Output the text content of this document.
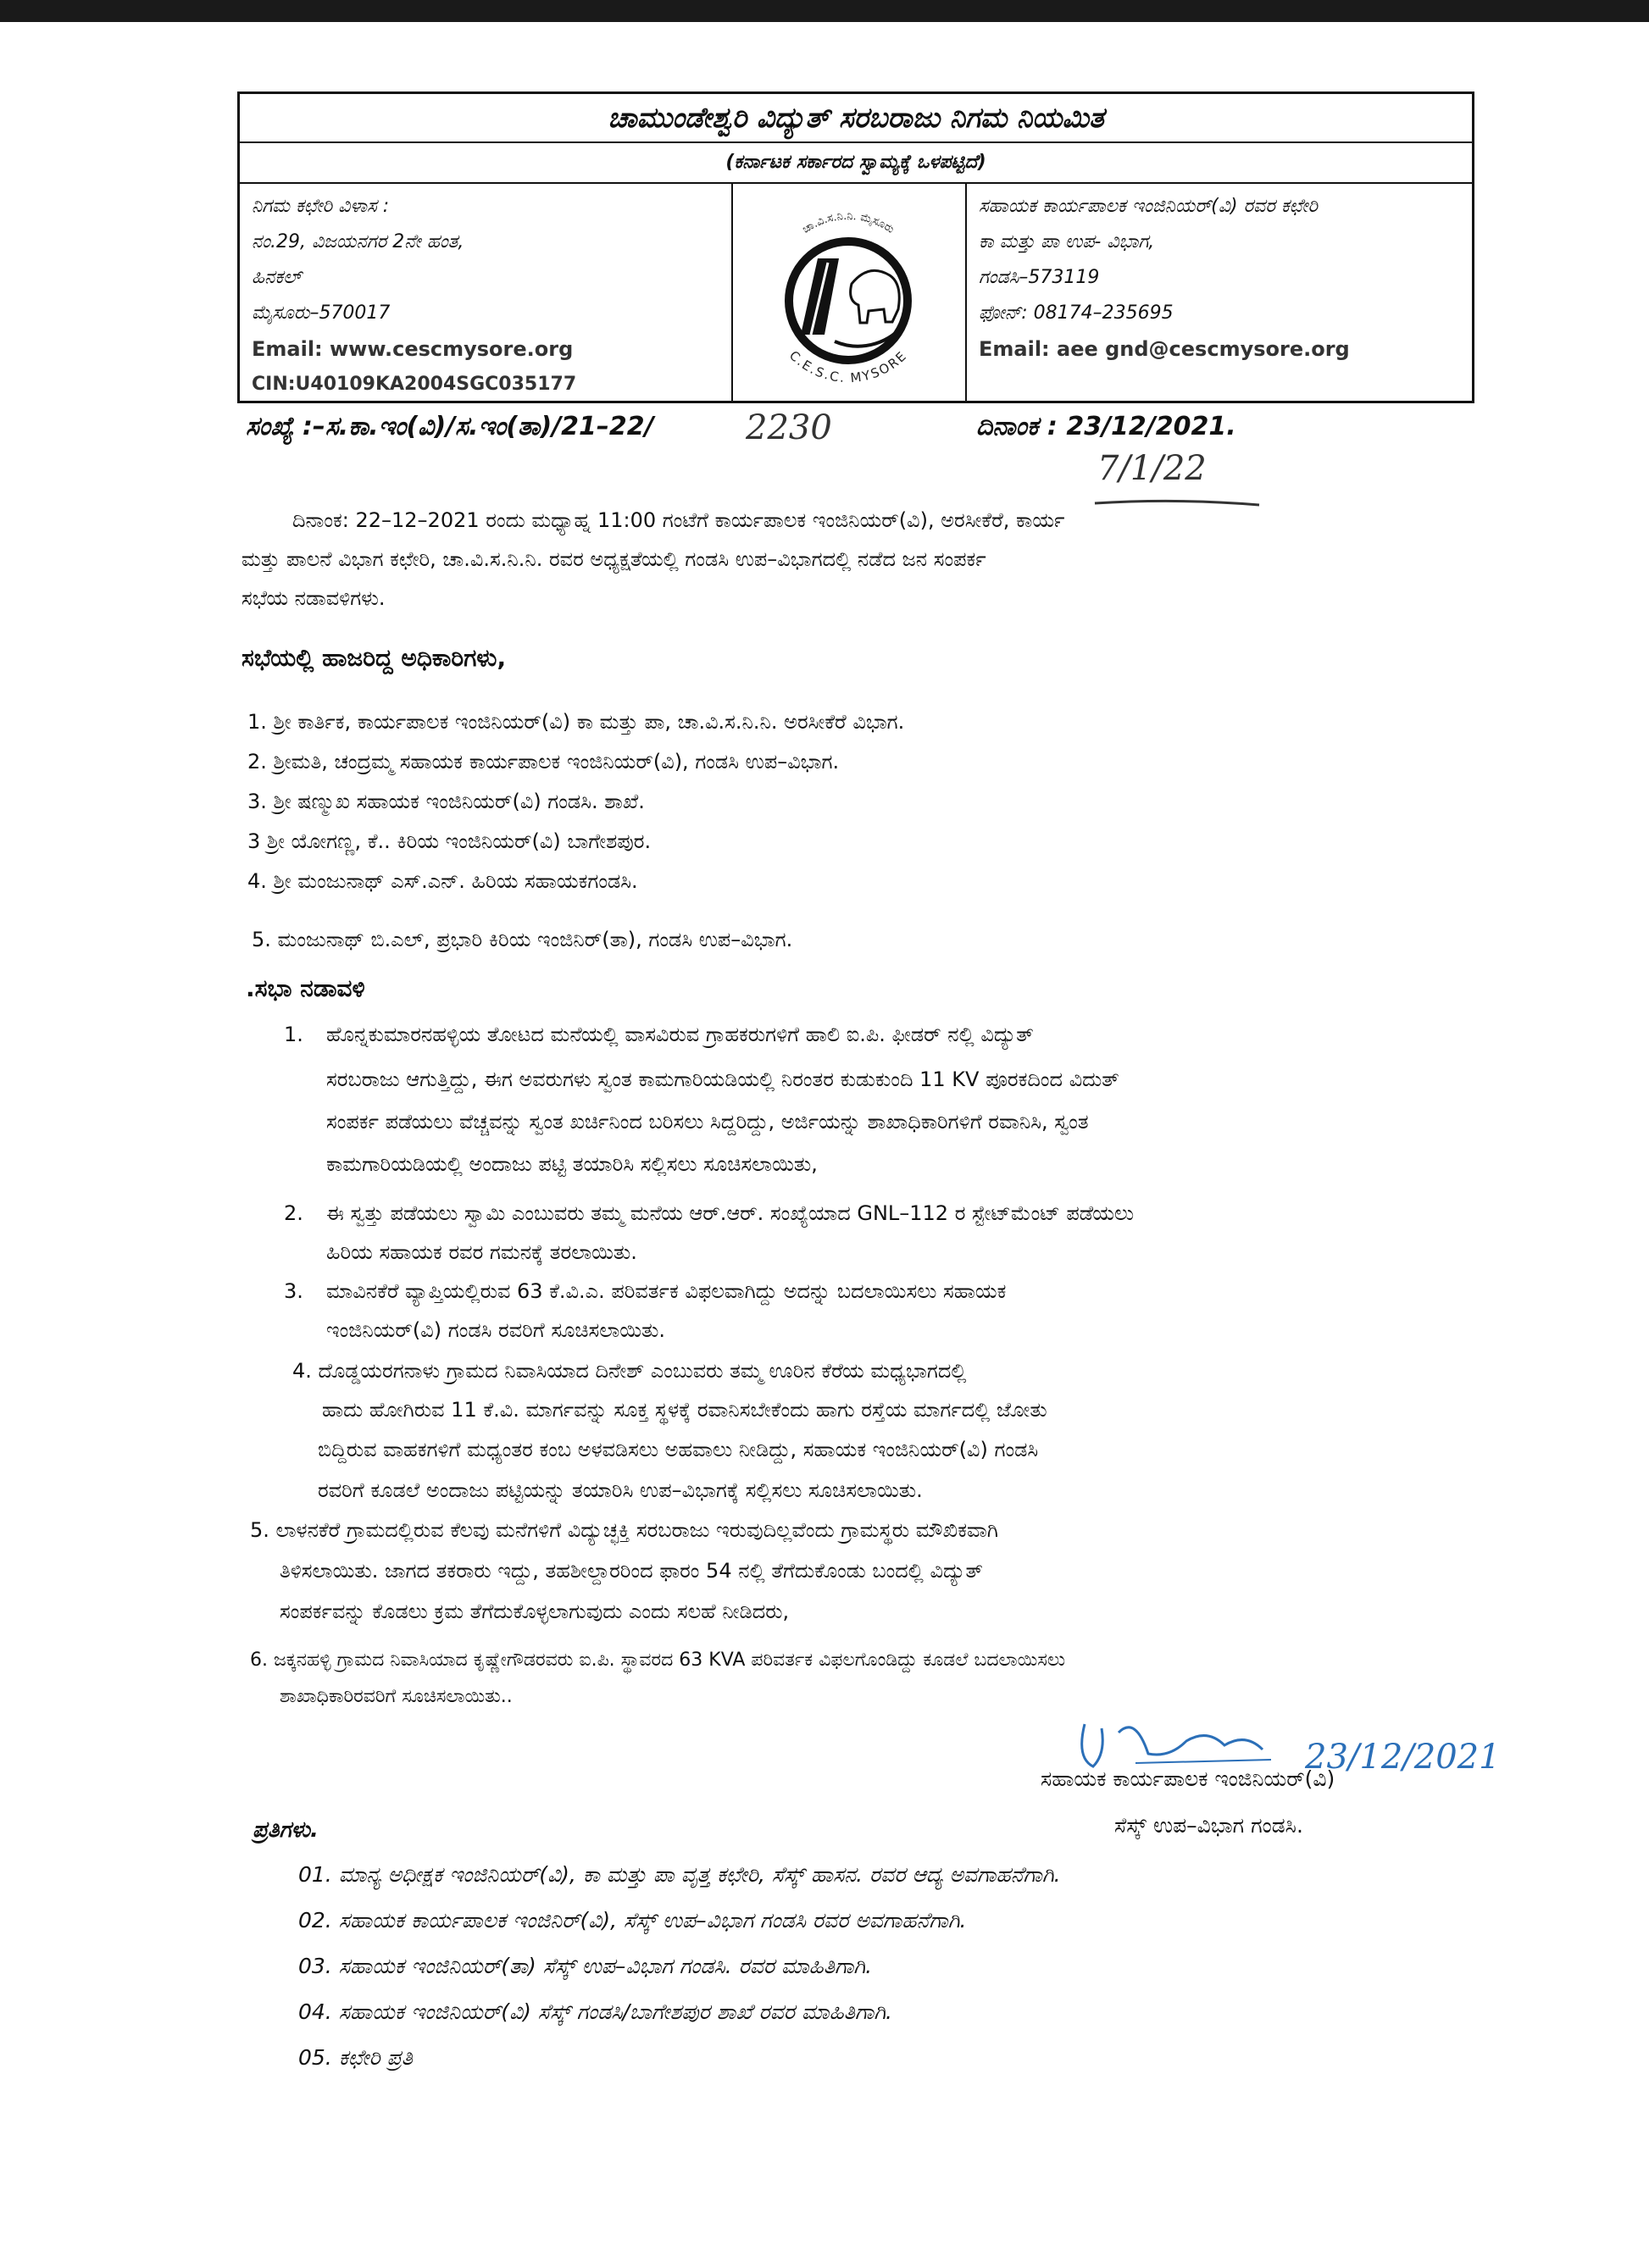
ಚಾಮುಂಡೇಶ್ವರಿ ವಿದ್ಯುತ್ ಸರಬರಾಜು ನಿಗಮ ನಿಯಮಿತ
(ಕರ್ನಾಟಕ ಸರ್ಕಾರದ ಸ್ವಾಮ್ಯಕ್ಕೆ ಒಳಪಟ್ಟಿದೆ)
ನಿಗಮ ಕಛೇರಿ ವಿಳಾಸ :
ನಂ.29, ವಿಜಯನಗರ 2ನೇ ಹಂತ,
ಹಿನಕಲ್
ಮೈಸೂರು–570017
Email: www.cescmysore.org
CIN:U40109KA2004SGC035177
ಚಾ.ವಿ.ಸ.ನಿ.ನಿ. ಮೈಸೂರು
C.E.S.C. MYSORE
ಸಹಾಯಕ ಕಾರ್ಯಪಾಲಕ ಇಂಜಿನಿಯರ್(ವಿ) ರವರ ಕಛೇರಿ
ಕಾ ಮತ್ತು ಪಾ ಉಪ- ವಿಭಾಗ,
ಗಂಡಸಿ–573119
ಫೋನ್: 08174–235695
Email: aee gnd@cescmysore.org
ಸಂಖ್ಯೆ :–ಸ.ಕಾ.ಇಂ(ವಿ)/ಸ.ಇಂ(ತಾ)/21–22/	2230	ದಿನಾಂಕ : 23/12/2021.
7/1/22
ದಿನಾಂಕ: 22–12–2021 ರಂದು ಮಧ್ಯಾಹ್ನ 11:00 ಗಂಟೆಗೆ ಕಾರ್ಯಪಾಲಕ ಇಂಜಿನಿಯರ್(ವಿ), ಅರಸೀಕೆರೆ, ಕಾರ್ಯ
ಮತ್ತು ಪಾಲನೆ ವಿಭಾಗ ಕಛೇರಿ, ಚಾ.ವಿ.ಸ.ನಿ.ನಿ. ರವರ ಅಧ್ಯಕ್ಷತೆಯಲ್ಲಿ ಗಂಡಸಿ ಉಪ–ವಿಭಾಗದಲ್ಲಿ ನಡೆದ ಜನ ಸಂಪರ್ಕ
ಸಭೆಯ ನಡಾವಳಿಗಳು.
ಸಭೆಯಲ್ಲಿ ಹಾಜರಿದ್ದ ಅಧಿಕಾರಿಗಳು,
1. ಶ್ರೀ ಕಾರ್ತಿಕ, ಕಾರ್ಯಪಾಲಕ ಇಂಜಿನಿಯರ್(ವಿ) ಕಾ ಮತ್ತು ಪಾ, ಚಾ.ವಿ.ಸ.ನಿ.ನಿ. ಅರಸೀಕೆರೆ ವಿಭಾಗ.
2. ಶ್ರೀಮತಿ, ಚಂದ್ರಮ್ಮ ಸಹಾಯಕ ಕಾರ್ಯಪಾಲಕ ಇಂಜಿನಿಯರ್(ವಿ), ಗಂಡಸಿ ಉಪ–ವಿಭಾಗ.
3. ಶ್ರೀ ಷಣ್ಮುಖ ಸಹಾಯಕ ಇಂಜಿನಿಯರ್(ವಿ) ಗಂಡಸಿ. ಶಾಖೆ.
3 ಶ್ರೀ ಯೋಗಣ್ಣ, ಕೆ.. ಕಿರಿಯ ಇಂಜಿನಿಯರ್(ವಿ) ಬಾಗೇಶಪುರ.
4. ಶ್ರೀ ಮಂಜುನಾಥ್ ಎಸ್.ಎನ್. ಹಿರಿಯ ಸಹಾಯಕಗಂಡಸಿ.
5. ಮಂಜುನಾಥ್ ಬಿ.ಎಲ್, ಪ್ರಭಾರಿ ಕಿರಿಯ ಇಂಜಿನಿರ್(ತಾ), ಗಂಡಸಿ ಉಪ–ವಿಭಾಗ.
.ಸಭಾ ನಡಾವಳಿ
1. ಹೊನ್ನಕುಮಾರನಹಳ್ಳಿಯ ತೋಟದ ಮನೆಯಲ್ಲಿ ವಾಸವಿರುವ ಗ್ರಾಹಕರುಗಳಿಗೆ ಹಾಲಿ ಐ.ಪಿ. ಫೀಡರ್ ನಲ್ಲಿ ವಿದ್ಯುತ್
ಸರಬರಾಜು ಆಗುತ್ತಿದ್ದು, ಈಗ ಅವರುಗಳು ಸ್ವಂತ ಕಾಮಗಾರಿಯಡಿಯಲ್ಲಿ ನಿರಂತರ ಕುಡುಕುಂದಿ 11 KV ಪೂರಕದಿಂದ ವಿದುತ್
ಸಂಪರ್ಕ ಪಡೆಯಲು ವೆಚ್ಚವನ್ನು ಸ್ವಂತ ಖರ್ಚಿನಿಂದ ಬರಿಸಲು ಸಿದ್ದರಿದ್ದು, ಅರ್ಜಿಯನ್ನು ಶಾಖಾಧಿಕಾರಿಗಳಿಗೆ ರವಾನಿಸಿ, ಸ್ವಂತ
ಕಾಮಗಾರಿಯಡಿಯಲ್ಲಿ ಅಂದಾಜು ಪಟ್ಟಿ ತಯಾರಿಸಿ ಸಲ್ಲಿಸಲು ಸೂಚಿಸಲಾಯಿತು,
2. ಈ ಸ್ವತ್ತು ಪಡೆಯಲು ಸ್ವಾಮಿ ಎಂಬುವರು ತಮ್ಮ ಮನೆಯ ಆರ್.ಆರ್. ಸಂಖ್ಯೆಯಾದ GNL–112 ರ ಸ್ಟೇಟ್‌ಮೆಂಟ್ ಪಡೆಯಲು
ಹಿರಿಯ ಸಹಾಯಕ ರವರ ಗಮನಕ್ಕೆ ತರಲಾಯಿತು.
3. ಮಾವಿನಕೆರೆ ವ್ಯಾಪ್ತಿಯಲ್ಲಿರುವ 63 ಕೆ.ವಿ.ಎ. ಪರಿವರ್ತಕ ವಿಫಲವಾಗಿದ್ದು ಅದನ್ನು ಬದಲಾಯಿಸಲು ಸಹಾಯಕ
ಇಂಜಿನಿಯರ್(ವಿ) ಗಂಡಸಿ ರವರಿಗೆ ಸೂಚಿಸಲಾಯಿತು.
4. ದೊಡ್ಡಯರಗನಾಳು ಗ್ರಾಮದ ನಿವಾಸಿಯಾದ ದಿನೇಶ್ ಎಂಬುವರು ತಮ್ಮ ಊರಿನ ಕೆರೆಯ ಮಧ್ಯಭಾಗದಲ್ಲಿ
ಹಾದು ಹೋಗಿರುವ 11 ಕೆ.ವಿ. ಮಾರ್ಗವನ್ನು ಸೂಕ್ತ ಸ್ಥಳಕ್ಕೆ ರವಾನಿಸಬೇಕೆಂದು ಹಾಗು ರಸ್ತೆಯ ಮಾರ್ಗದಲ್ಲಿ ಜೋತು
ಬಿದ್ದಿರುವ ವಾಹಕಗಳಿಗೆ ಮಧ್ಯಂತರ ಕಂಬ ಅಳವಡಿಸಲು ಅಹವಾಲು ನೀಡಿದ್ದು, ಸಹಾಯಕ ಇಂಜಿನಿಯರ್(ವಿ) ಗಂಡಸಿ
ರವರಿಗೆ ಕೂಡಲೆ ಅಂದಾಜು ಪಟ್ಟಿಯನ್ನು ತಯಾರಿಸಿ ಉಪ–ವಿಭಾಗಕ್ಕೆ ಸಲ್ಲಿಸಲು ಸೂಚಿಸಲಾಯಿತು.
5. ಲಾಳನಕೆರೆ ಗ್ರಾಮದಲ್ಲಿರುವ ಕೆಲವು ಮನೆಗಳಿಗೆ ವಿದ್ಯುಚ್ಛಕ್ತಿ ಸರಬರಾಜು ಇರುವುದಿಲ್ಲವೆಂದು ಗ್ರಾಮಸ್ಥರು ಮೌಖಿಕವಾಗಿ
ತಿಳಿಸಲಾಯಿತು. ಜಾಗದ ತಕರಾರು ಇದ್ದು, ತಹಶೀಲ್ದಾರರಿಂದ ಫಾರಂ 54 ನಲ್ಲಿ ತೆಗೆದುಕೊಂಡು ಬಂದಲ್ಲಿ ವಿದ್ಯುತ್
ಸಂಪರ್ಕವನ್ನು ಕೊಡಲು ಕ್ರಮ ತೆಗೆದುಕೊಳ್ಳಲಾಗುವುದು ಎಂದು ಸಲಹೆ ನೀಡಿದರು,
6. ಜಕ್ಕನಹಳ್ಳಿ ಗ್ರಾಮದ ನಿವಾಸಿಯಾದ ಕೃಷ್ಣೇಗೌಡರವರು ಐ.ಪಿ. ಸ್ಥಾವರದ 63 KVA ಪರಿವರ್ತಕ ವಿಫಲಗೊಂಡಿದ್ದು ಕೂಡಲೆ ಬದಲಾಯಿಸಲು
ಶಾಖಾಧಿಕಾರಿರವರಿಗೆ ಸೂಚಿಸಲಾಯಿತು..
23/12/2021
ಸಹಾಯಕ ಕಾರ್ಯಪಾಲಕ ಇಂಜಿನಿಯರ್(ವಿ)
ಸೆಸ್ಕ್ ಉಪ–ವಿಭಾಗ ಗಂಡಸಿ.
ಪ್ರತಿಗಳು.
01. ಮಾನ್ಯ ಅಧೀಕ್ಷಕ ಇಂಜಿನಿಯರ್(ವಿ), ಕಾ ಮತ್ತು ಪಾ ವೃತ್ತ ಕಛೇರಿ, ಸೆಸ್ಕ್ ಹಾಸನ. ರವರ ಆದ್ಯ ಅವಗಾಹನೆಗಾಗಿ.
02. ಸಹಾಯಕ ಕಾರ್ಯಪಾಲಕ ಇಂಜಿನಿರ್(ವಿ), ಸೆಸ್ಕ್ ಉಪ–ವಿಭಾಗ ಗಂಡಸಿ ರವರ ಅವಗಾಹನೆಗಾಗಿ.
03. ಸಹಾಯಕ ಇಂಜಿನಿಯರ್(ತಾ) ಸೆಸ್ಕ್ ಉಪ–ವಿಭಾಗ ಗಂಡಸಿ. ರವರ ಮಾಹಿತಿಗಾಗಿ.
04. ಸಹಾಯಕ ಇಂಜಿನಿಯರ್(ವಿ) ಸೆಸ್ಕ್ ಗಂಡಸಿ/ಬಾಗೇಶಪುರ ಶಾಖೆ ರವರ ಮಾಹಿತಿಗಾಗಿ.
05. ಕಛೇರಿ ಪ್ರತಿ
